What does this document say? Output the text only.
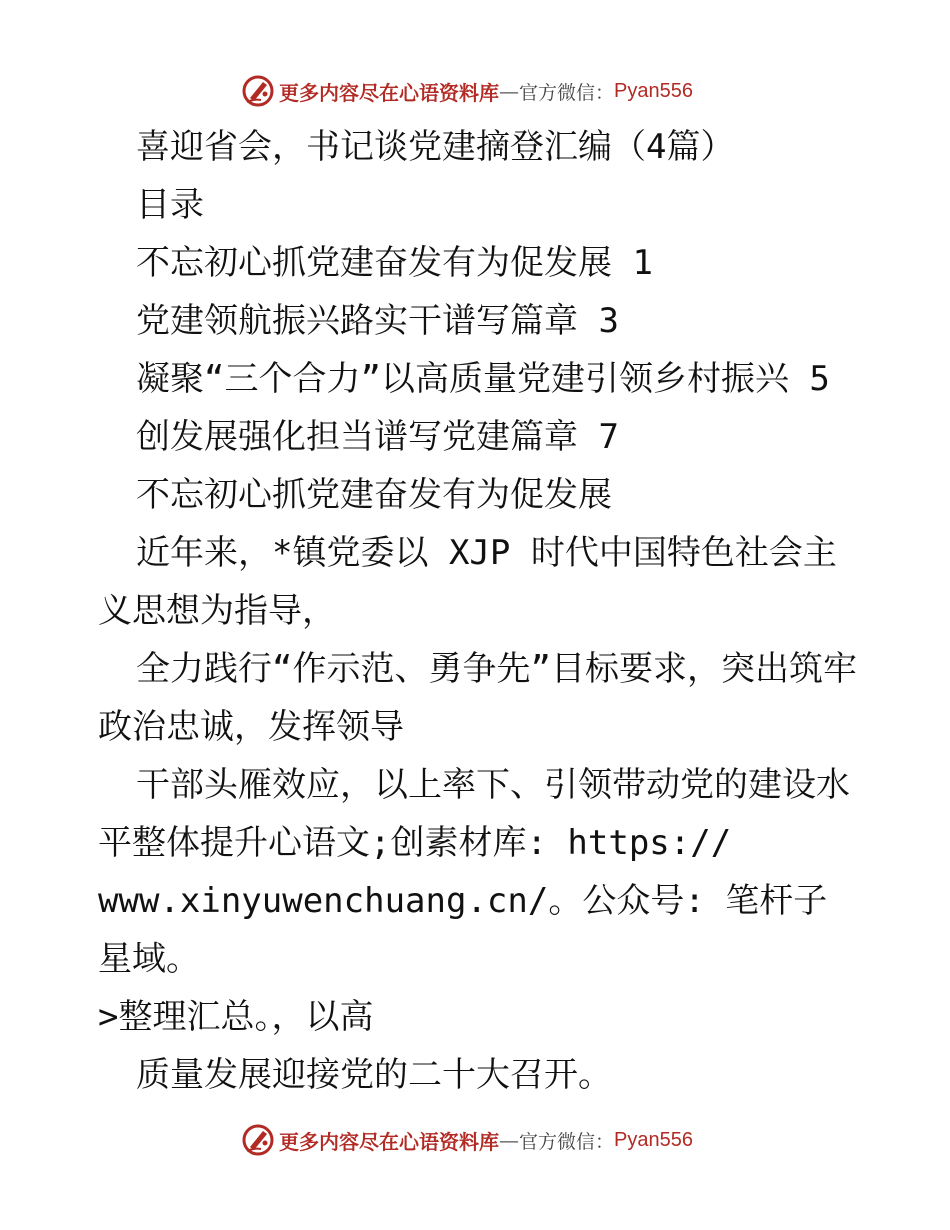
更多内容尽在心语资料库 — 官方微信： Pyan556

喜迎省会，书记谈党建摘登汇编（4篇）

目录

不忘初心抓党建奋发有为促发展 1

党建领航振兴路实干谱写篇章 3

凝聚“三个合力”以高质量党建引领乡村振兴 5

创发展强化担当谱写党建篇章 7

不忘初心抓党建奋发有为促发展

近年来，*镇党委以 XJP 时代中国特色社会主义思想为指导，

全力践行“作示范、勇争先”目标要求，突出筑牢政治忠诚，发挥领导

干部头雁效应，以上率下、引领带动党的建设水平整体提升心语文;创素材库: https://

www.xinyuwenchuang.cn/。公众号: 笔杆子星域。

>整理汇总。，以高

质量发展迎接党的二十大召开。

更多内容尽在心语资料库 — 官方微信： Pyan556
